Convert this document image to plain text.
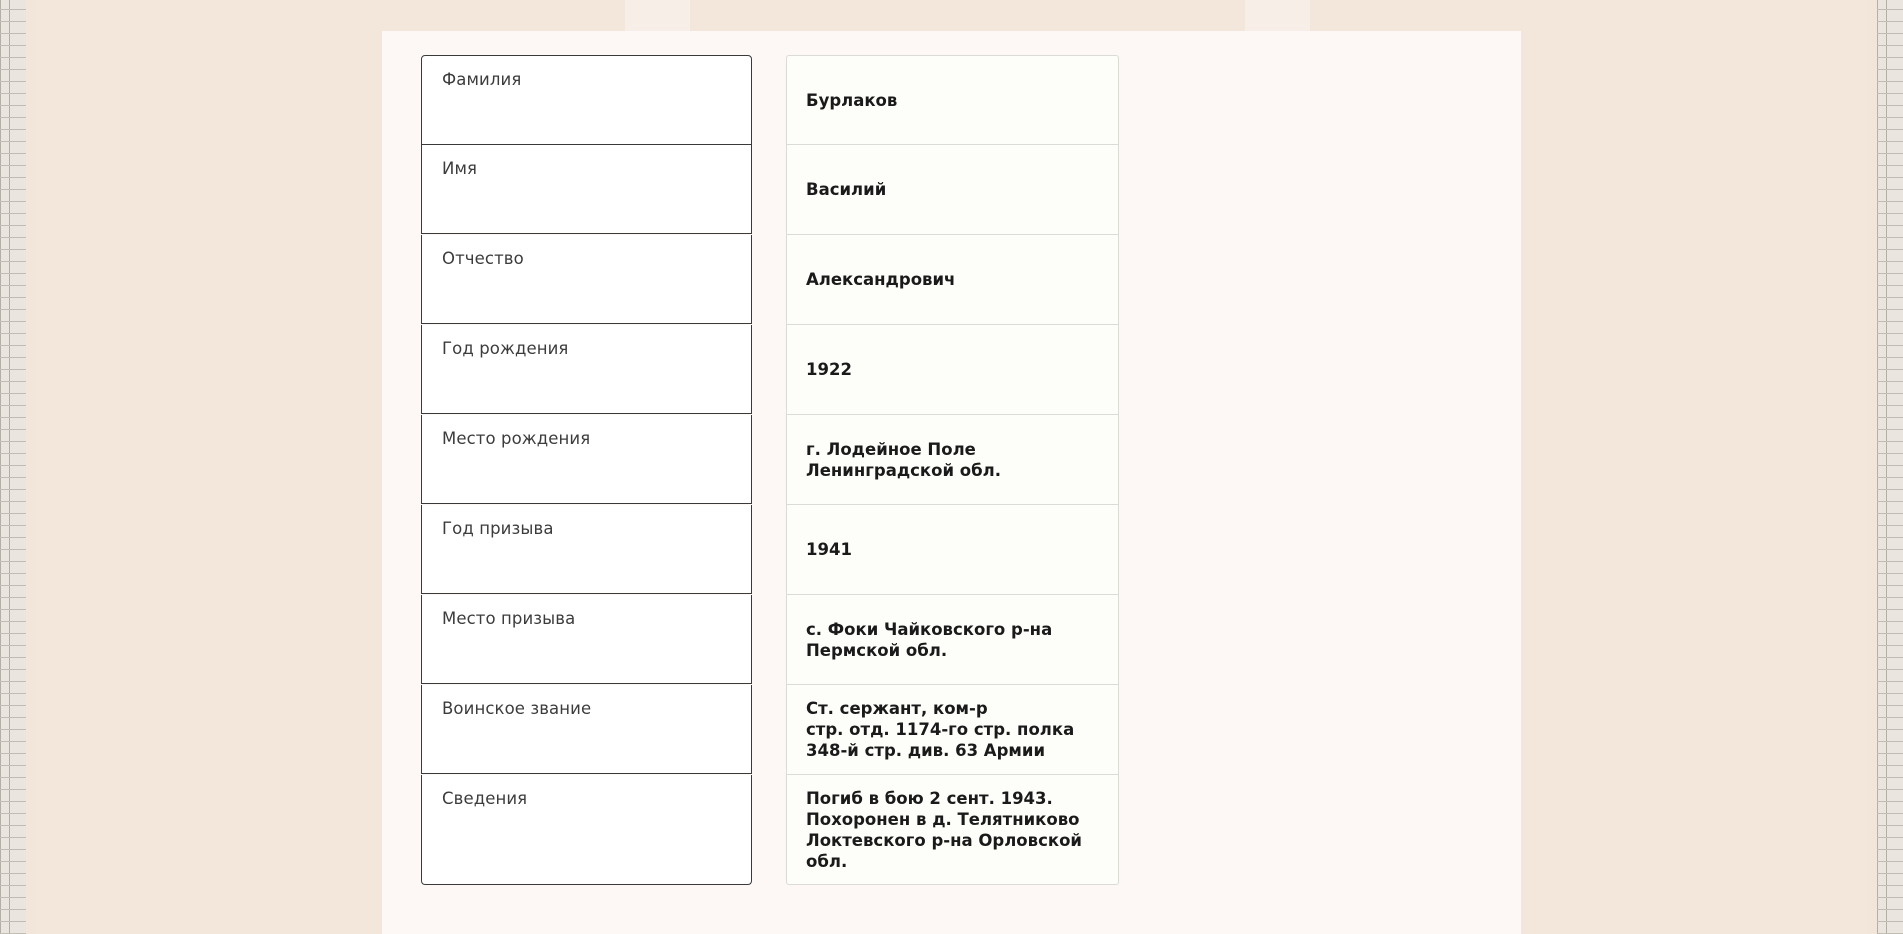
Фамилия
Бурлаков
Имя
Василий
Отчество
Александрович
Год рождения
1922
Место рождения
г. Лодейное Поле
Ленинградской обл.
Год призыва
1941
Место призыва
с. Фоки Чайковского р-на
Пермской обл.
Воинское звание	Ст. сержант, ком-р
стр. отд. 1174-го стр. полка
348-й стр. див. 63 Армии
Сведения	Погиб в бою 2 сент. 1943.
Похоронен в д. Телятниково
Локтевского р-на Орловской
обл.
